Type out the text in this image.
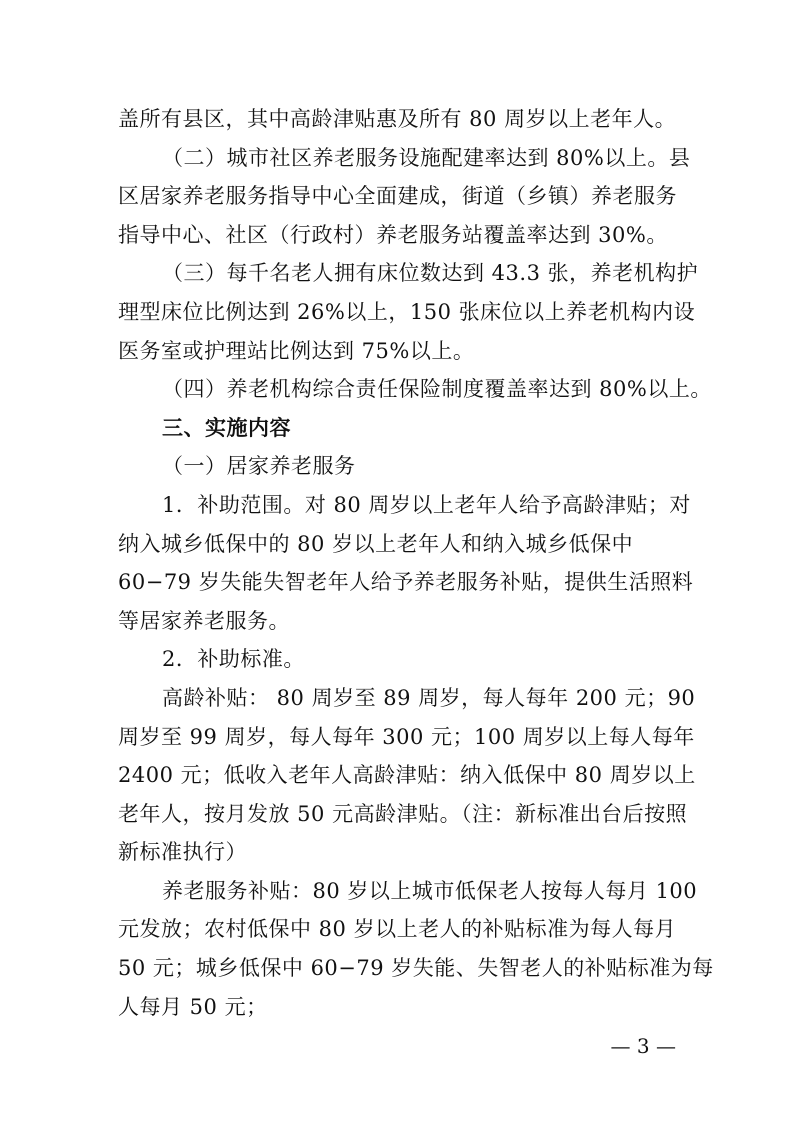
盖所有县区，其中高龄津贴惠及所有 80 周岁以上老年人。
（二）城市社区养老服务设施配建率达到 80%以上。县
区居家养老服务指导中心全面建成，街道（乡镇）养老服务
指导中心、社区（行政村）养老服务站覆盖率达到 30%。
（三）每千名老人拥有床位数达到 43.3 张，养老机构护
理型床位比例达到 26%以上，150 张床位以上养老机构内设
医务室或护理站比例达到 75%以上。
（四）养老机构综合责任保险制度覆盖率达到 80%以上。
三、实施内容
（一）居家养老服务
1．补助范围。对 80 周岁以上老年人给予高龄津贴；对
纳入城乡低保中的 80 岁以上老年人和纳入城乡低保中
60−79 岁失能失智老年人给予养老服务补贴，提供生活照料
等居家养老服务。
2．补助标准。
高龄补贴： 80 周岁至 89 周岁，每人每年 200 元；90
周岁至 99 周岁，每人每年 300 元；100 周岁以上每人每年
2400 元；低收入老年人高龄津贴：纳入低保中 80 周岁以上
老年人，按月发放 50 元高龄津贴。（注：新标准出台后按照
新标准执行）
养老服务补贴：80 岁以上城市低保老人按每人每月 100
元发放；农村低保中 80 岁以上老人的补贴标准为每人每月
50 元；城乡低保中 60−79 岁失能、失智老人的补贴标准为每
人每月 50 元；
— 3 —
